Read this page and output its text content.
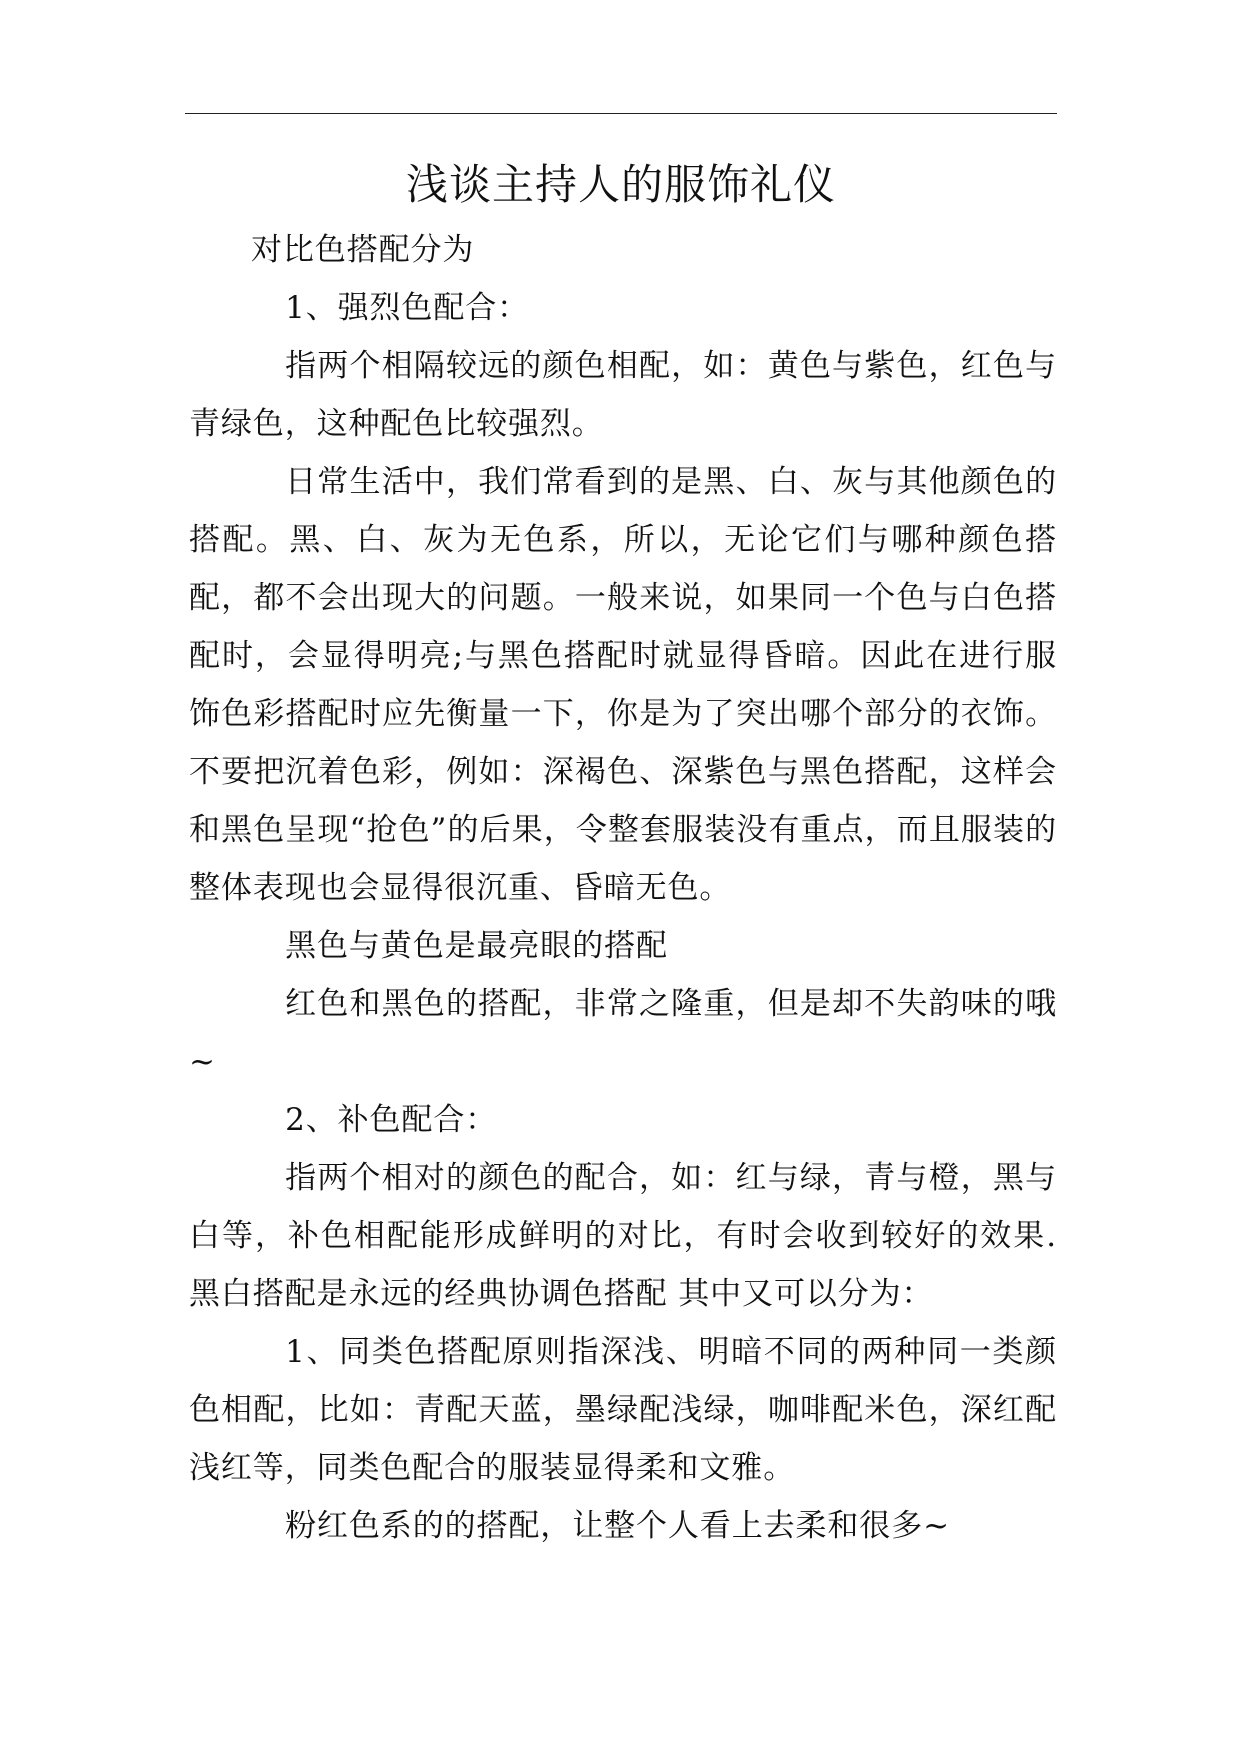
浅谈主持人的服饰礼仪

对比色搭配分为

1、强烈色配合：

指两个相隔较远的颜色相配，如：黄色与紫色，红色与青绿色，这种配色比较强烈。

日常生活中，我们常看到的是黑、白、灰与其他颜色的搭配。黑、白、灰为无色系，所以，无论它们与哪种颜色搭配，都不会出现大的问题。一般来说，如果同一个色与白色搭配时，会显得明亮;与黑色搭配时就显得昏暗。因此在进行服饰色彩搭配时应先衡量一下，你是为了突出哪个部分的衣饰。不要把沉着色彩，例如：深褐色、深紫色与黑色搭配，这样会和黑色呈现“抢色”的后果，令整套服装没有重点，而且服装的整体表现也会显得很沉重、昏暗无色。

黑色与黄色是最亮眼的搭配

红色和黑色的搭配，非常之隆重，但是却不失韵味的哦~

2、补色配合：

指两个相对的颜色的配合，如：红与绿，青与橙，黑与白等，补色相配能形成鲜明的对比，有时会收到较好的效果.黑白搭配是永远的经典协调色搭配 其中又可以分为：

1、同类色搭配原则指深浅、明暗不同的两种同一类颜色相配，比如：青配天蓝，墨绿配浅绿，咖啡配米色，深红配浅红等，同类色配合的服装显得柔和文雅。

粉红色系的的搭配，让整个人看上去柔和很多~
